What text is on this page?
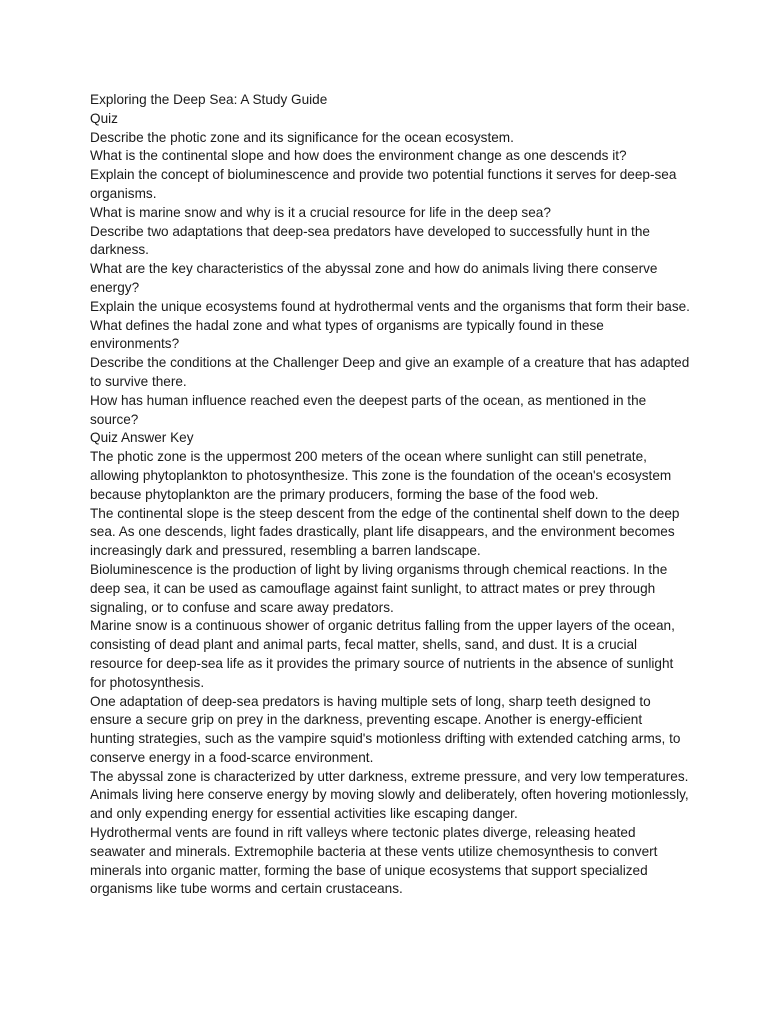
Exploring the Deep Sea: A Study Guide

Quiz

Describe the photic zone and its significance for the ocean ecosystem.

What is the continental slope and how does the environment change as one descends it?

Explain the concept of bioluminescence and provide two potential functions it serves for deep-sea organisms.

What is marine snow and why is it a crucial resource for life in the deep sea?

Describe two adaptations that deep-sea predators have developed to successfully hunt in the darkness.

What are the key characteristics of the abyssal zone and how do animals living there conserve energy?

Explain the unique ecosystems found at hydrothermal vents and the organisms that form their base.

What defines the hadal zone and what types of organisms are typically found in these environments?

Describe the conditions at the Challenger Deep and give an example of a creature that has adapted to survive there.

How has human influence reached even the deepest parts of the ocean, as mentioned in the source?

Quiz Answer Key

The photic zone is the uppermost 200 meters of the ocean where sunlight can still penetrate, allowing phytoplankton to photosynthesize. This zone is the foundation of the ocean's ecosystem because phytoplankton are the primary producers, forming the base of the food web.

The continental slope is the steep descent from the edge of the continental shelf down to the deep sea. As one descends, light fades drastically, plant life disappears, and the environment becomes increasingly dark and pressured, resembling a barren landscape.

Bioluminescence is the production of light by living organisms through chemical reactions. In the deep sea, it can be used as camouflage against faint sunlight, to attract mates or prey through signaling, or to confuse and scare away predators.

Marine snow is a continuous shower of organic detritus falling from the upper layers of the ocean, consisting of dead plant and animal parts, fecal matter, shells, sand, and dust. It is a crucial resource for deep-sea life as it provides the primary source of nutrients in the absence of sunlight for photosynthesis.

One adaptation of deep-sea predators is having multiple sets of long, sharp teeth designed to ensure a secure grip on prey in the darkness, preventing escape. Another is energy-efficient hunting strategies, such as the vampire squid's motionless drifting with extended catching arms, to conserve energy in a food-scarce environment.

The abyssal zone is characterized by utter darkness, extreme pressure, and very low temperatures. Animals living here conserve energy by moving slowly and deliberately, often hovering motionlessly, and only expending energy for essential activities like escaping danger.

Hydrothermal vents are found in rift valleys where tectonic plates diverge, releasing heated seawater and minerals. Extremophile bacteria at these vents utilize chemosynthesis to convert minerals into organic matter, forming the base of unique ecosystems that support specialized organisms like tube worms and certain crustaceans.
